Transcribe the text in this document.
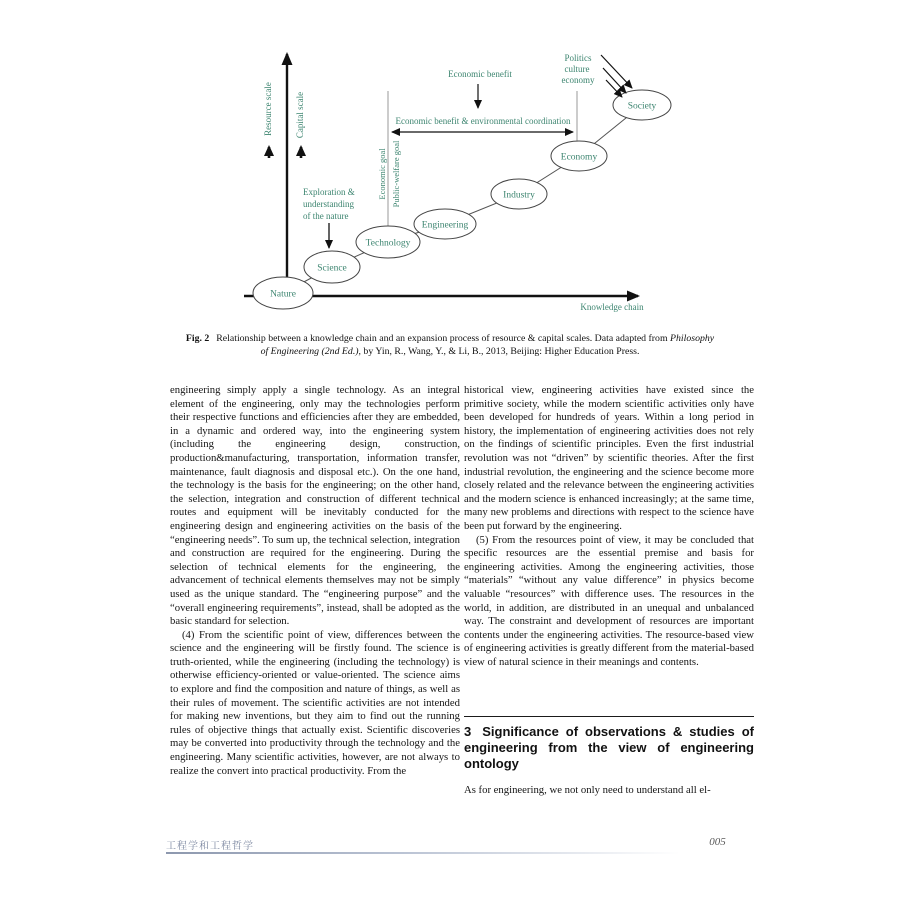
Resource scale Capital scale
Knowledge chain
Nature
Science
Technology
Engineering
Industry
Economy
Society
Exploration &
understanding
of the nature
Economic goal Public-welfare goal
Economic benefit
Economic benefit & environmental coordination
Politics
culture
economy
Fig. 2 Relationship between a knowledge chain and an expansion process of resource & capital scales. Data adapted from Philosophy
of Engineering (2nd Ed.), by Yin, R., Wang, Y., & Li, B., 2013, Beijing: Higher Education Press.

engineering simply apply a single technology. As an integral element of the engineering, only may the technologies perform their respective functions and efficiencies after they are embedded, in a dynamic and ordered way, into the engineering system (including the engineering design, construction, production&manufacturing, transportation, information transfer, maintenance, fault diagnosis and disposal etc.). On the one hand, the technology is the basis for the engineering; on the other hand, the selection, integration and construction of different technical routes and equipment will be inevitably conducted for the engineering design and engineering activities on the basis of the “engineering needs”. To sum up, the technical selection, integration and construction are required for the engineering. During the selection of technical elements for the engineering, the advancement of technical elements themselves may not be simply used as the unique standard. The “engineering purpose” and the “overall engineering requirements”, instead, shall be adopted as the basic standard for selection.

(4) From the scientific point of view, differences between the science and the engineering will be firstly found. The science is truth-oriented, while the engineering (including the technology) is otherwise efficiency-oriented or value-oriented. The science aims to explore and find the composition and nature of things, as well as their rules of movement. The scientific activities are not intended for making new inventions, but they aim to find out the running rules of objective things that actually exist. Scientific discoveries may be converted into productivity through the technology and the engineering. Many scientific activities, however, are not always to realize the convert into practical productivity. From the

historical view, engineering activities have existed since the primitive society, while the modern scientific activities only have been developed for hundreds of years. Within a long period in history, the implementation of engineering activities does not rely on the findings of scientific principles. Even the first industrial revolution was not “driven” by scientific theories. After the first industrial revolution, the engineering and the science become more closely related and the relevance between the engineering activities and the modern science is enhanced increasingly; at the same time, many new problems and directions with respect to the science have been put forward by the engineering.

(5) From the resources point of view, it may be concluded that specific resources are the essential premise and basis for engineering activities. Among the engineering activities, those “materials” “without any value difference” in physics become valuable “resources” with difference uses. The resources in the world, in addition, are distributed in an unequal and unbalanced way. The constraint and development of resources are important contents under the engineering activities. The resource-based view of engineering activities is greatly different from the material-based view of natural science in their meanings and contents.

3 Significance of observations & studies of engineering from the view of engineering ontology

As for engineering, we not only need to understand all el-

工程学和工程哲学	005
